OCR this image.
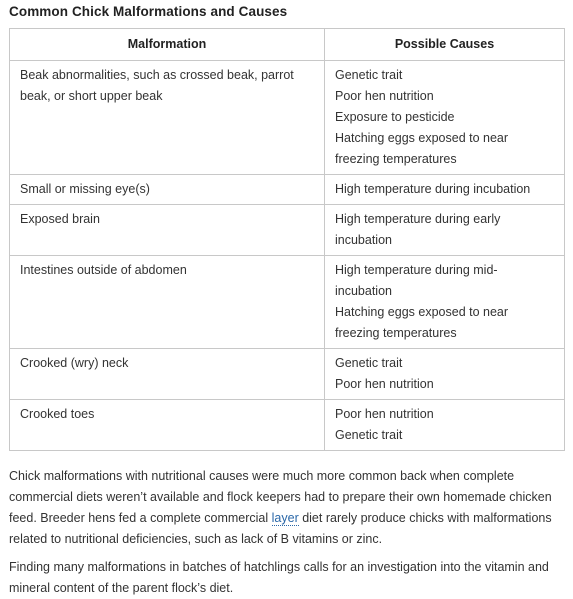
Common Chick Malformations and Causes
Malformation	Possible Causes
Beak abnormalities, such as crossed beak, parrot beak, or short upper beak	Genetic trait
Poor hen nutrition
Exposure to pesticide
Hatching eggs exposed to near freezing temperatures

Small or missing eye(s)	High temperature during incubation

Exposed brain	High temperature during early incubation

Intestines outside of abdomen	High temperature during mid-incubation
Hatching eggs exposed to near freezing temperatures

Crooked (wry) neck	Genetic trait
Poor hen nutrition

Crooked toes	Poor hen nutrition
Genetic trait

Chick malformations with nutritional causes were much more common back when complete commercial diets weren’t available and flock keepers had to prepare their own homemade chicken feed. Breeder hens fed a complete commercial layer diet rarely produce chicks with malformations related to nutritional deficiencies, such as lack of B vitamins or zinc.

Finding many malformations in batches of hatchlings calls for an investigation into the vitamin and mineral content of the parent flock’s diet.
